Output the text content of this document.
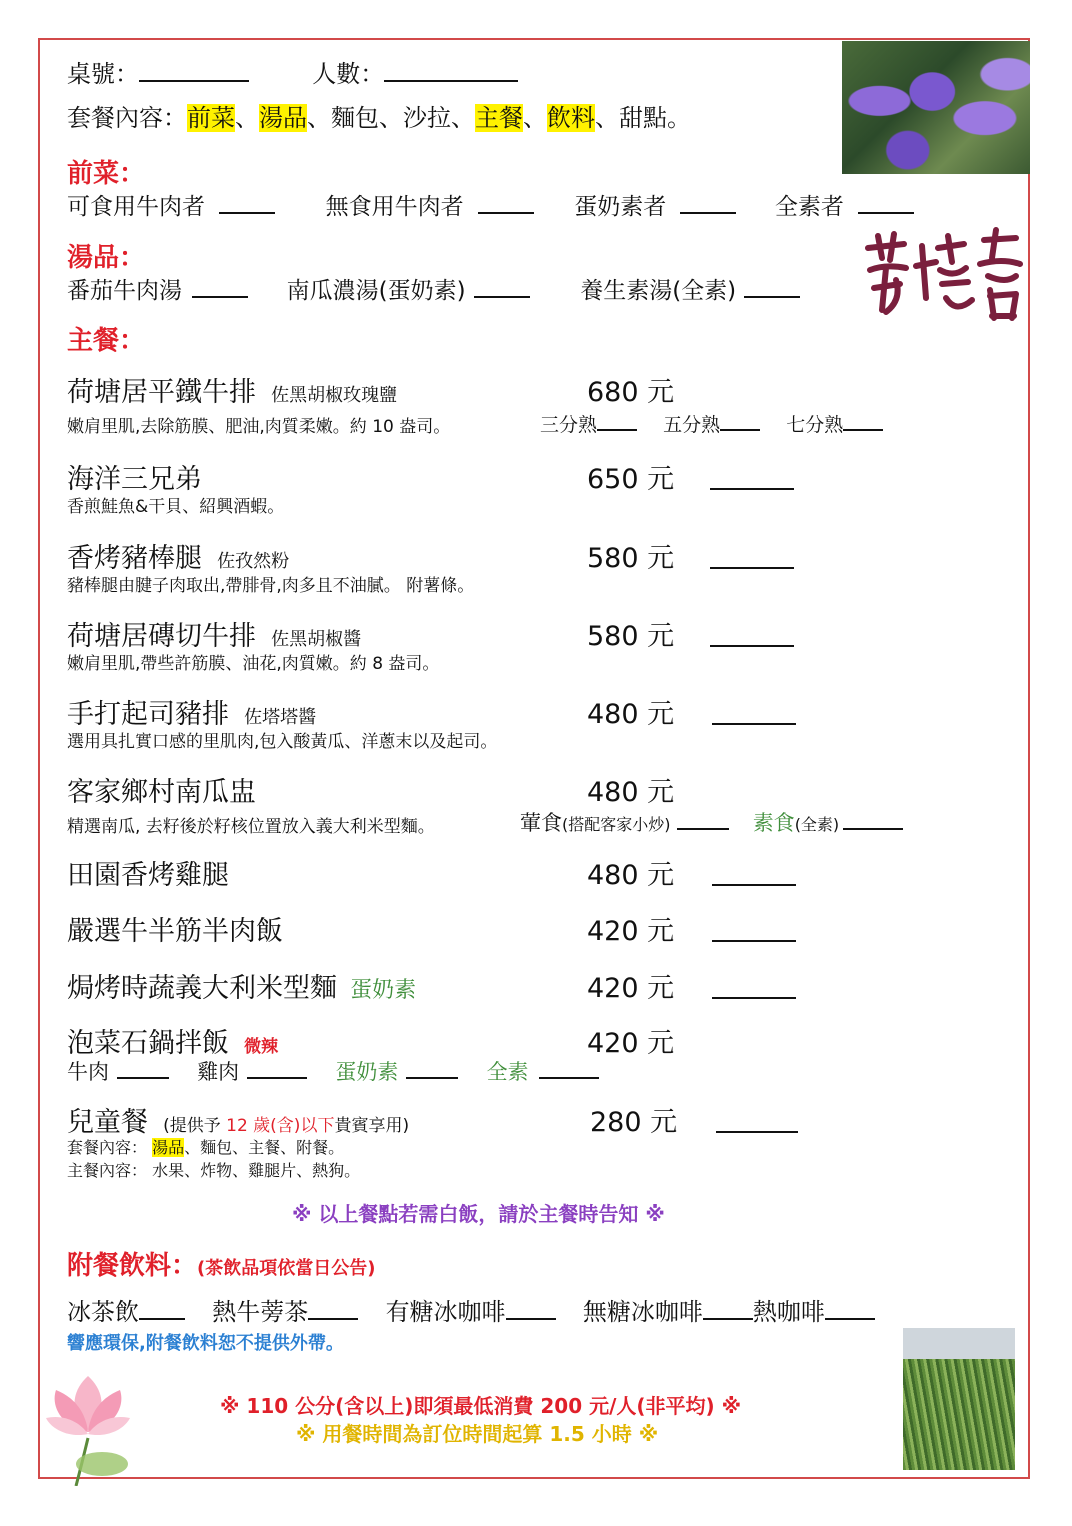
桌號：	人數：
套餐內容：前菜、湯品、麵包、沙拉、主餐、飲料、甜點。
前菜：
可食用牛肉者	無食用牛肉者	蛋奶素者	全素者
湯品：
番茄牛肉湯	南瓜濃湯(蛋奶素)	養生素湯(全素)
主餐：
荷塘居平鐵牛排 佐黑胡椒玫瑰鹽	680 元
嫩肩里肌,去除筋膜、肥油,肉質柔嫩。約 10 盎司。	三分熟	五分熟	七分熟
海洋三兄弟	650 元
香煎鮭魚&干貝、紹興酒蝦。
香烤豬棒腿 佐孜然粉	580 元
豬棒腿由腱子肉取出,帶腓骨,肉多且不油膩。 附薯條。
荷塘居磚切牛排 佐黑胡椒醬	580 元
嫩肩里肌,帶些許筋膜、油花,肉質嫩。約 8 盎司。
手打起司豬排 佐塔塔醬	480 元
選用具扎實口感的里肌肉,包入酸黃瓜、洋蔥末以及起司。
客家鄉村南瓜盅	480 元
精選南瓜, 去籽後於籽核位置放入義大利米型麵。	葷食(搭配客家小炒)	素食(全素)
田園香烤雞腿	480 元
嚴選牛半筋半肉飯	420 元
焗烤時蔬義大利米型麵 蛋奶素	420 元
泡菜石鍋拌飯 微辣	420 元
牛肉	雞肉	蛋奶素	全素
兒童餐 (提供予 12 歲(含)以下貴賓享用)	280 元
套餐內容： 湯品、麵包、主餐、附餐。
主餐內容： 水果、炸物、雞腿片、熱狗。
※ 以上餐點若需白飯，請於主餐時告知 ※
附餐飲料：(茶飲品項依當日公告)
冰茶飲	熱牛蒡茶	有糖冰咖啡	無糖冰咖啡 熱咖啡
響應環保,附餐飲料恕不提供外帶。
※ 110 公分(含以上)即須最低消費 200 元/人(非平均) ※
※ 用餐時間為訂位時間起算 1.5 小時 ※
